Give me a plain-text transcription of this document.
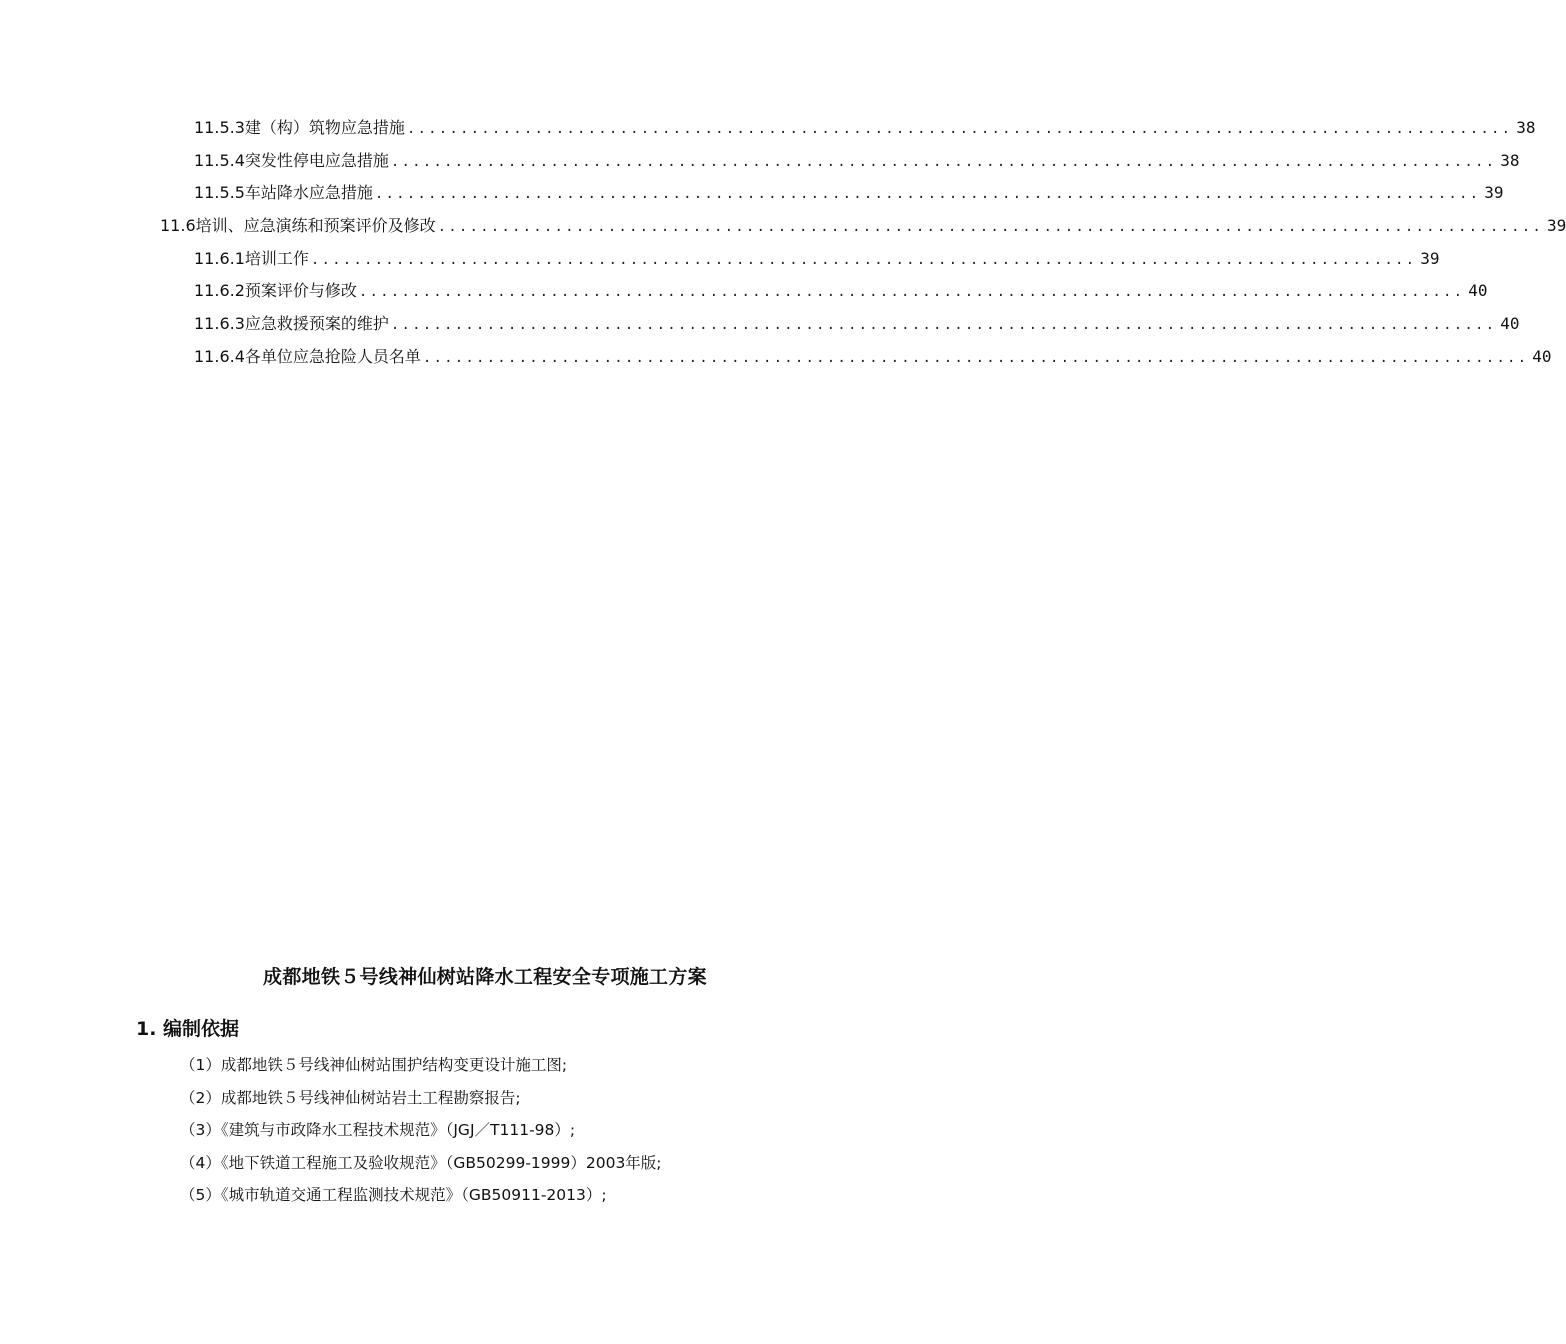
11.5.3建（构）筑物应急措施 ........................................................................................................ 38
11.5.4突发性停电应急措施 ........................................................................................................ 38
11.5.5车站降水应急措施 ........................................................................................................ 39
11.6培训、应急演练和预案评价及修改 ........................................................................................................ 39
11.6.1培训工作 ........................................................................................................ 39
11.6.2预案评价与修改 ........................................................................................................ 40
11.6.3应急救援预案的维护 ........................................................................................................ 40
11.6.4各单位应急抢险人员名单 ........................................................................................................ 40
成都地铁５号线神仙树站降水工程安全专项施工方案
1. 编制依据
（1）成都地铁５号线神仙树站围护结构变更设计施工图;
（2）成都地铁５号线神仙树站岩土工程勘察报告;
（3）《建筑与市政降水工程技术规范》（JGJ／T111-98）;
（4）《地下铁道工程施工及验收规范》（GB50299-1999）2003年版;
（5）《城市轨道交通工程监测技术规范》（GB50911-2013）;
